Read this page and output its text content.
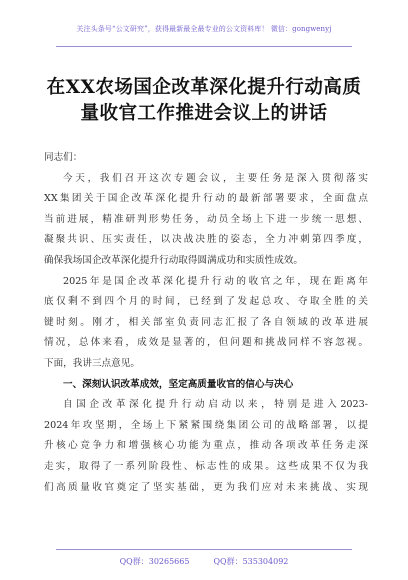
关注头条号“公文研究”，获得最新最全最专业的公文资料库！ 微信：gongwenyj
在XX农场国企改革深化提升行动高质
量收官工作推进会议上的讲话

同志们：

今天，我们召开这次专题会议，主要任务是深入贯彻落实
XX集团关于国企改革深化提升行动的最新部署要求，全面盘点
当前进展，精准研判形势任务，动员全场上下进一步统一思想、
凝聚共识、压实责任，以决战决胜的姿态，全力冲刺第四季度，
确保我场国企改革深化提升行动取得圆满成功和实质性成效。

2025年是国企改革深化提升行动的收官之年，现在距离年
底仅剩不到四个月的时间，已经到了发起总攻、夺取全胜的关
键时刻。刚才，相关部室负责同志汇报了各自领域的改革进展
情况，总体来看，成效是显著的，但问题和挑战同样不容忽视。
下面，我讲三点意见。

一、深刻认识改革成效，坚定高质量收官的信心与决心

自国企改革深化提升行动启动以来，特别是进入2023-
2024年攻坚期，全场上下紧紧围绕集团公司的战略部署，以提
升核心竞争力和增强核心功能为重点，推动各项改革任务走深
走实，取得了一系列阶段性、标志性的成果。这些成果不仅为我
们高质量收官奠定了坚实基础，更为我们应对未来挑战、实现

QQ群：30265665	QQ群：535304092
